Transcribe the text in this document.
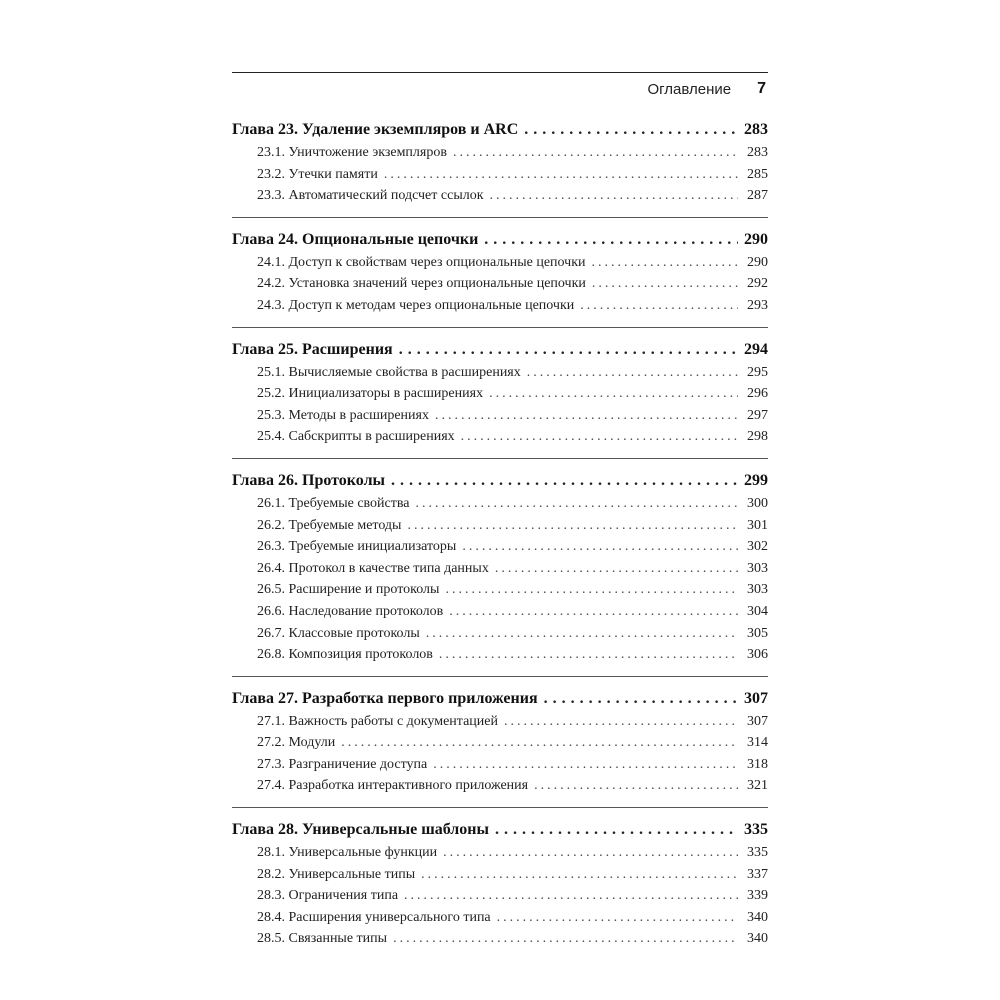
Оглавление 7
Глава 23. Удаление экземпляров и ARC .....	283
23.1. Уничтожение экземпляров .....	283
23.2. Утечки памяти .....	285
23.3. Автоматический подсчет ссылок .....	287
Глава 24. Опциональные цепочки .....	290
24.1. Доступ к свойствам через опциональные цепочки .....	290
24.2. Установка значений через опциональные цепочки .....	292
24.3. Доступ к методам через опциональные цепочки .....	293
Глава 25. Расширения .....	294
25.1. Вычисляемые свойства в расширениях .....	295
25.2. Инициализаторы в расширениях .....	296
25.3. Методы в расширениях .....	297
25.4. Сабскрипты в расширениях .....	298
Глава 26. Протоколы .....	299
26.1. Требуемые свойства .....	300
26.2. Требуемые методы .....	301
26.3. Требуемые инициализаторы .....	302
26.4. Протокол в качестве типа данных .....	303
26.5. Расширение и протоколы .....	303
26.6. Наследование протоколов .....	304
26.7. Классовые протоколы .....	305
26.8. Композиция протоколов .....	306
Глава 27. Разработка первого приложения .....	307
27.1. Важность работы с документацией .....	307
27.2. Модули .....	314
27.3. Разграничение доступа .....	318
27.4. Разработка интерактивного приложения .....	321
Глава 28. Универсальные шаблоны .....	335
28.1. Универсальные функции .....	335
28.2. Универсальные типы .....	337
28.3. Ограничения типа .....	339
28.4. Расширения универсального типа .....	340
28.5. Связанные типы .....	340
